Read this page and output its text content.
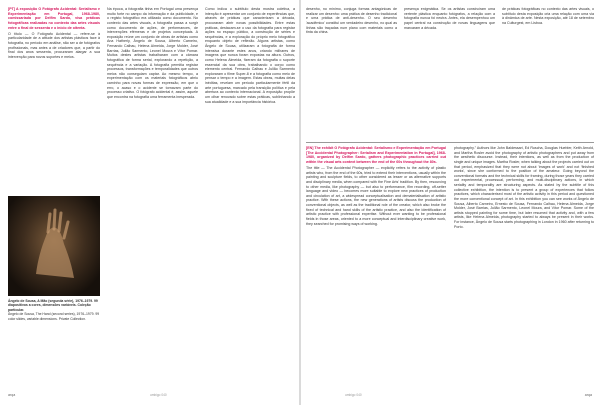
[PT] A exposição O Fotógrafo Acidental: Serialismo e Experimentação em Portugal, 1968-1980, comissariada por Delfim Sardo, visa práticas fotográficas realizadas no contexto das artes visuais entre o final de sessenta e o início de oitenta.

O título — O Fotógrafo Acidental — refere-se à particularidade de a atitude dos artistas plásticos face à fotografia, no período em análise, não ser a de fotógrafos profissionais, mas antes a de criadores que, a partir do final dos anos sessenta, procuraram alargar a sua intervenção para novos suportes e meios.

Ângelo de Sousa, A Mão (segunda série), 1976–1979. 99 diapositivos a cores, dimensões variáveis. Coleção particular.
Ângelo de Sousa, The Hand (second series), 1976–1979. 99 color slides, variable dimensions. Private Collection.

Na época, a fotografia tinha em Portugal uma presença muito forte no campo da informação e da publicidade, e o registo fotográfico era utilizado como documento. No contexto das artes visuais, a fotografia passa a surgir como documento de ações, de performances, de intervenções efémeras e de projetos conceptuais. A exposição reúne um conjunto de obras de artistas como Ana Hatherly, Ângelo de Sousa, Alberto Carneiro, Fernando Calhau, Helena Almeida, Jorge Molder, José Barrias, Julião Sarmento, Leonel Moura e Vítor Pomar. Muitos destes artistas trabalharam com a câmara fotográfica de forma serial, explorando a repetição, a sequência e a variação. A fotografia permitia registar processos, transformações e temporalidades que outros meios não conseguiam captar. Ao mesmo tempo, a experimentação com os materiais fotográficos abriu caminho para novas formas de expressão, em que o erro, o acaso e o acidente se tornavam parte do processo criativo. O fotógrafo acidental é, assim, aquele que encontra na fotografia uma ferramenta inesperada.

Como indica o subtítulo desta mostra coletiva, a intenção é apresentar um conjunto de experiências que, através de práticas que caracterizam a década, procuraram abrir novas possibilidades. Entre estas práticas, destacam-se o uso da fotografia para registar ações no espaço público, a construção de séries e sequências, e a exploração do próprio meio fotográfico enquanto objeto de reflexão. Alguns artistas, como Ângelo de Sousa, utilizaram a fotografia de forma intensiva durante estes anos, criando milhares de imagens que nunca foram expostas na altura. Outros, como Helena Almeida, fizeram da fotografia o suporte essencial da sua obra, trabalhando o corpo como elemento central. Fernando Calhau e Julião Sarmento exploraram o filme Super-8 e a fotografia como meio de pensar o tempo e a imagem. Estas obras, muitas delas inéditas, revelam um período particularmente fértil da arte portuguesa, marcado pela transição política e pela abertura ao contexto internacional. A exposição propõe um olhar renovado sobre estas práticas, sublinhando a sua atualidade e a sua importância histórica.

desenho, no mínimo, conjuga formas antagónicas de realizar um desenho: uma prática de desenho tradicional e uma prática de anti-desenho. O seu desenho 'acadêmico' constitui um verdadeiro desenho, no qual as linhas são traçadas num plano com materiais como a tinta da china.

presença enigmática. Se os artistas construíram uma vertente plástica enquanto fotógrafos, a relação com a fotografia nunca foi neutra. Antes, ela desempenhou um papel central na construção de novas linguagens que marcaram a década.

de práticas fotográficas no contexto das artes visuais, o subtítulo desta exposição cria uma relação com uma via à dinâmica de arte. Nesta exposição, até 18 de setembro na Culturgest, em Lisboa.

[EN] The exhibit O Fotógrafo Acidental: Serialismo e Experimentação em Portugal [The Accidental Photographer: Serialism and Experimentation in Portugal], 1968-1980, organized by Delfim Sardo, gathers photographic practices carried out within the visual arts context between the end of the 60s throughout the 80s.

The title — The Accidental Photographer — explicitly refers to the activity of plastic artists who, from the end of the 60s, tried to extend their interventions, usually within the painting and sculpture fields, to other considered as lesser or as alternative supports and disciplinary media, when compared with the Fine Arts' tradition. By then, resourcing to other media, like photography — but also to performance, film recording, off-setter language and video — becomes more suitable to explore new practices of production and circulation of art, a widespread conceptualisation and dematerialisation of artistic practice. With these actions, the new generations of artists discuss the production of conventional objects, as well as the traditional role of the creator, which also broke the fixed of technical and hand skills of the artistic practice, and also the identification of artistic practice with professional expertise. Without ever wanting to be professional fields in those areas, oriented to a more conceptual and interdisciplinary creative work, they searched for promising ways of working.

photography." Authors like John Baldessari, Ed Ruscha, Douglas Huebler, Keith Arnold, and Martha Rosler avoid the photography of artistic photographers and put away from the aesthetic discourse. Instead, their intentions, as well as from the production of single and unique images. Martha Rosler, when talking about the projects carried out on that period, emphasized that they were not about 'images of work' and not 'finished works', since she conformed to the position of the amateur. Going beyond the conventional formats and the technical skills for framing, during those years they carried out experimental, processual, performing, and multi-disciplinary actions, in which seriality and temporality are structuring aspects. As stated by the subtitle of this collective exhibition, the intention is to present a group of experiences that follow practices, which characterised most of the artistic activity in this period and questioned the more conventional concept of art. In this exhibition you can see works of Ângelo de Sousa, Alberto Carneiro, Ernesto de Sousa, Fernando Calhau, Helena Almeida, Jorge Molder, José Barrias, Julião Sarmento, Leonel Moura, and Vítor Pomar. Some of the artists stopped painting for some time, but later resumed that activity and, with a few artists, like Helena Almeida, photography started to always be present in their works. For instance, Ângelo de Sousa starts photographing in London in 1960 after returning to Porto.

arqa	umbigo 040	umbigo 040	arqa
